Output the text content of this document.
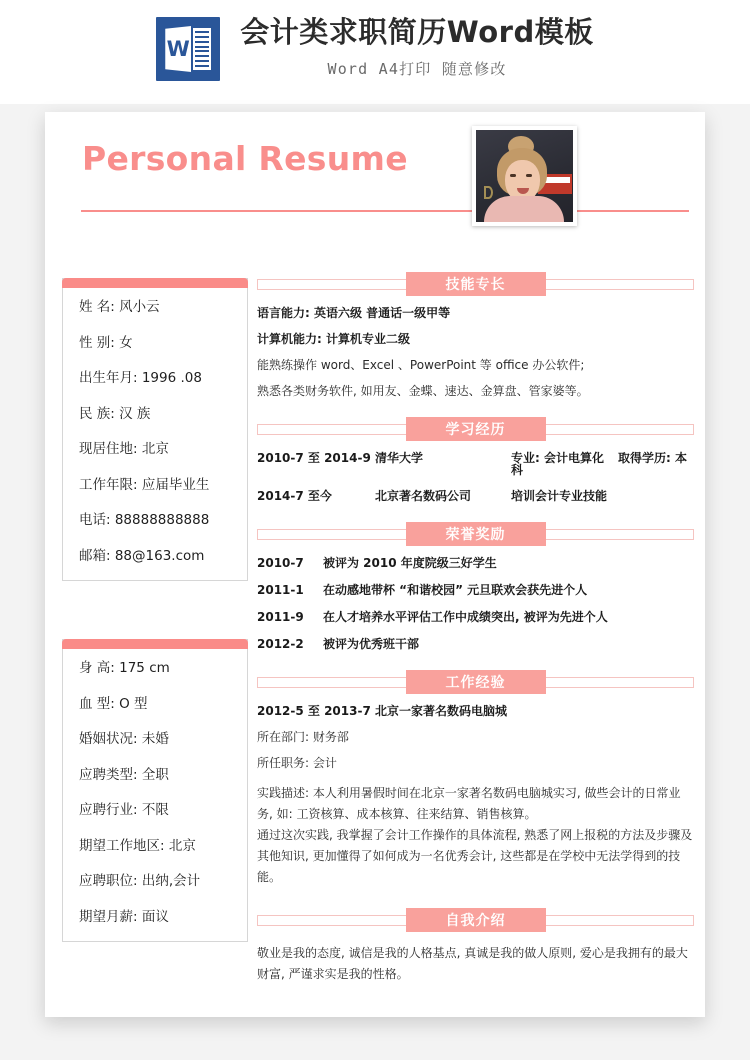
W 会计类求职简历Word模板
Word A4打印 随意修改
Personal Resume
姓 名: 风小云
性 别: 女
出生年月: 1996 .08
民 族: 汉 族
现居住地: 北京
工作年限: 应届毕业生
电话: 88888888888
邮箱: 88@163.com
身 高: 175 cm
血 型: O 型
婚姻状况: 未婚
应聘类型: 全职
应聘行业: 不限
期望工作地区: 北京
应聘职位: 出纳,会计
期望月薪: 面议
技能专长
语言能力: 英语六级 普通话一级甲等
计算机能力: 计算机专业二级
能熟练操作 word、Excel 、PowerPoint 等 office 办公软件;
熟悉各类财务软件, 如用友、金蝶、速达、金算盘、管家婆等。
学习经历
2010-7 至 2014-9 清华大学	专业: 会计电算化 取得学历: 本科
2014-7 至今	北京著名数码公司	培训会计专业技能
荣誉奖励
2010-7	被评为 2010 年度院级三好学生
2011-1	在动感地带杯 “和谐校园” 元旦联欢会获先进个人
2011-9	在人才培养水平评估工作中成绩突出, 被评为先进个人
2012-2	被评为优秀班干部
工作经验
2012-5 至 2013-7 北京一家著名数码电脑城
所在部门: 财务部
所任职务: 会计
实践描述: 本人利用暑假时间在北京一家著名数码电脑城实习, 做些会计的日常业务, 如: 工资核算、成本核算、往来结算、销售核算。
通过这次实践, 我掌握了会计工作操作的具体流程, 熟悉了网上报税的方法及步骤及其他知识, 更加懂得了如何成为一名优秀会计, 这些都是在学校中无法学得到的技能。
自我介绍
敬业是我的态度, 诚信是我的人格基点, 真诚是我的做人原则, 爱心是我拥有的最大财富, 严谨求实是我的性格。
